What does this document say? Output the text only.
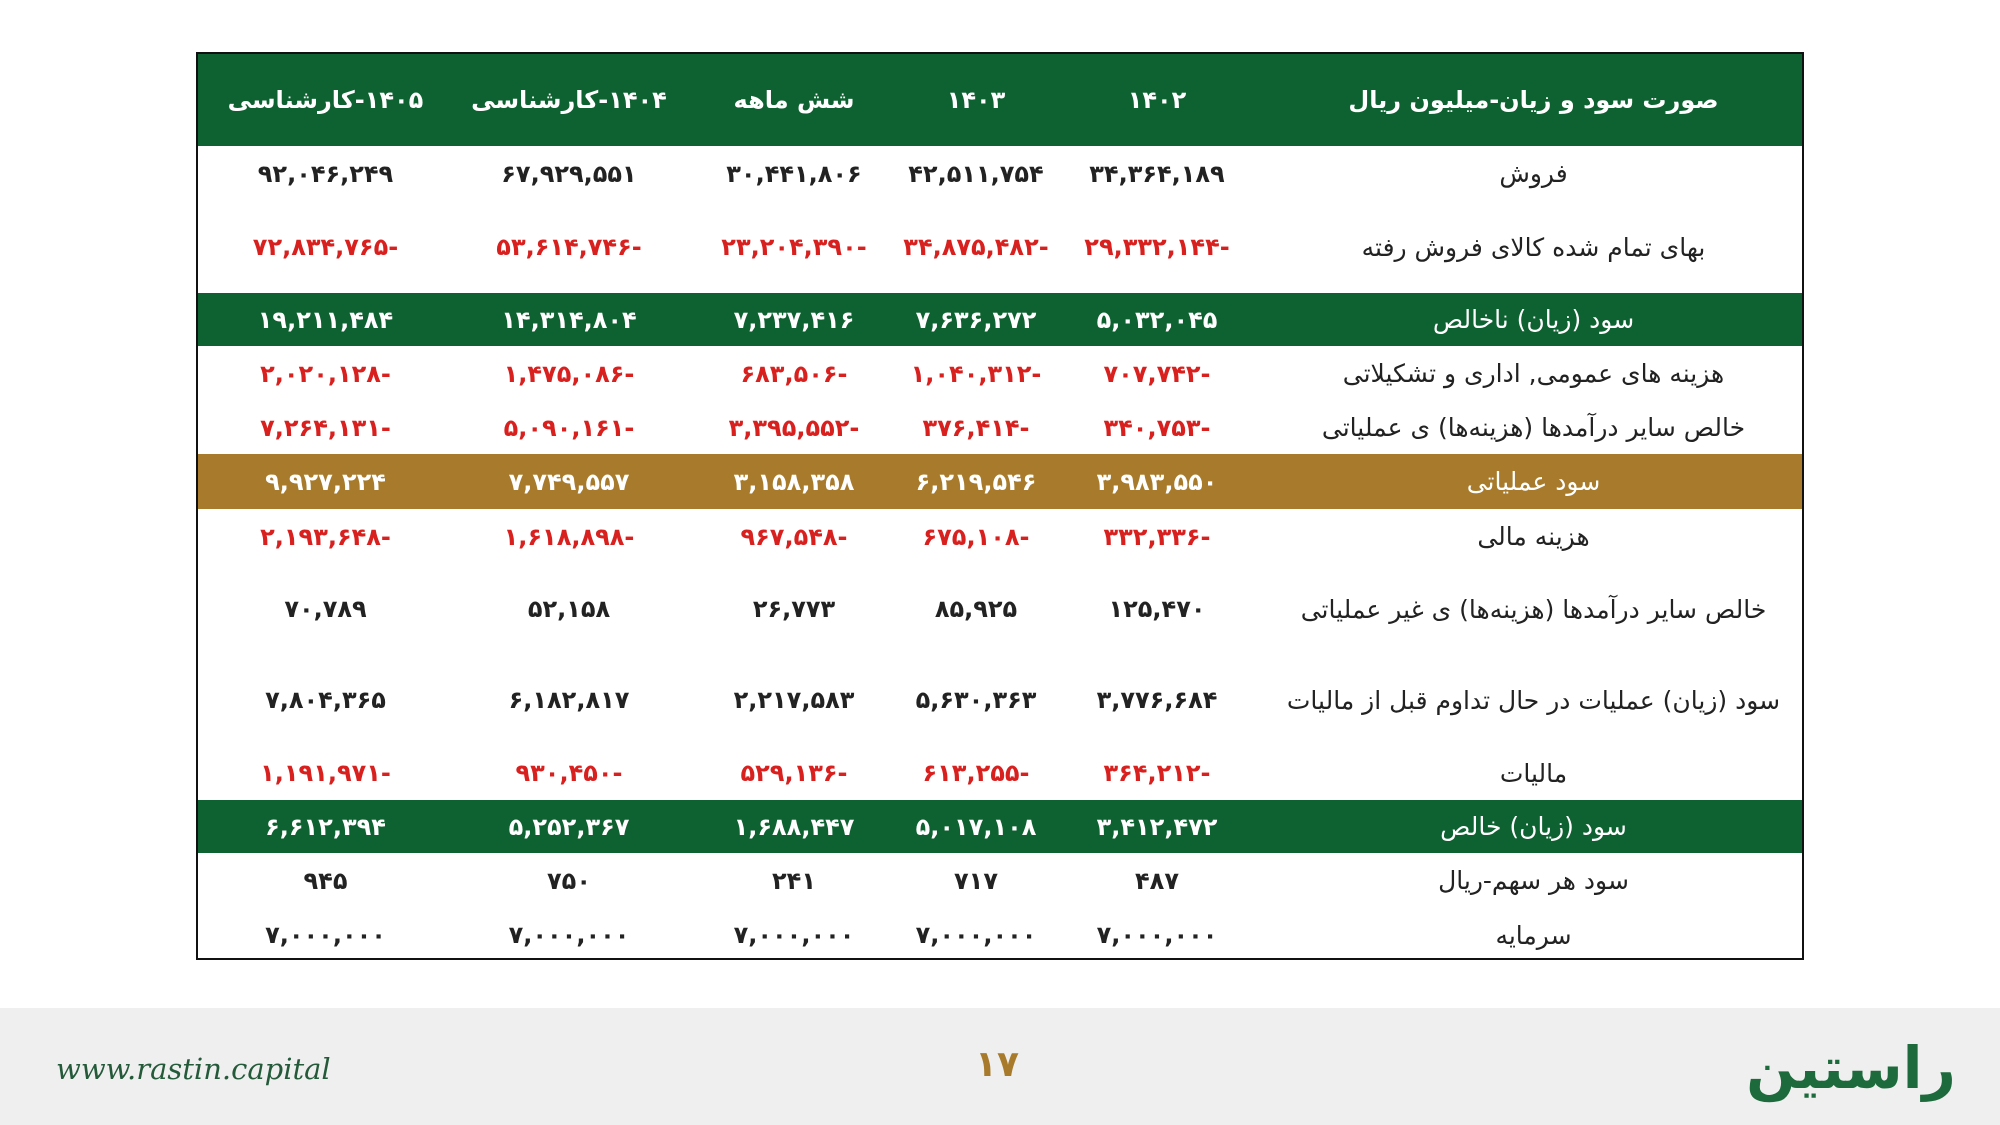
صورت سود و زیان-میلیون ریال	۱۴۰۲	۱۴۰۳	شش ماهه	۱۴۰۴-کارشناسی	۱۴۰۵-کارشناسی
فروش	۳۴,۳۶۴,۱۸۹	۴۲,۵۱۱,۷۵۴	۳۰,۴۴۱,۸۰۶	۶۷,۹۲۹,۵۵۱	۹۲,۰۴۶,۲۴۹
بهای تمام شده کالای فروش رفته	-۲۹,۳۳۲,۱۴۴	-۳۴,۸۷۵,۴۸۲	-۲۳,۲۰۴,۳۹۰	-۵۳,۶۱۴,۷۴۶	-۷۲,۸۳۴,۷۶۵
سود (زیان) ناخالص	۵,۰۳۲,۰۴۵	۷,۶۳۶,۲۷۲	۷,۲۳۷,۴۱۶	۱۴,۳۱۴,۸۰۴	۱۹,۲۱۱,۴۸۴
هزینه های عمومی, اداری و تشکیلاتی	-۷۰۷,۷۴۲	-۱,۰۴۰,۳۱۲	-۶۸۳,۵۰۶	-۱,۴۷۵,۰۸۶	-۲,۰۲۰,۱۲۸
خالص سایر درآمدها (هزینه‌ها) ی عملیاتی	-۳۴۰,۷۵۳	-۳۷۶,۴۱۴	-۳,۳۹۵,۵۵۲	-۵,۰۹۰,۱۶۱	-۷,۲۶۴,۱۳۱
سود عملیاتی	۳,۹۸۳,۵۵۰	۶,۲۱۹,۵۴۶	۳,۱۵۸,۳۵۸	۷,۷۴۹,۵۵۷	۹,۹۲۷,۲۲۴
هزینه مالی	-۳۳۲,۳۳۶	-۶۷۵,۱۰۸	-۹۶۷,۵۴۸	-۱,۶۱۸,۸۹۸	-۲,۱۹۳,۶۴۸
خالص سایر درآمدها (هزینه‌ها) ی غیر عملیاتی	۱۲۵,۴۷۰	۸۵,۹۲۵	۲۶,۷۷۳	۵۲,۱۵۸	۷۰,۷۸۹
سود (زیان) عملیات در حال تداوم قبل از مالیات	۳,۷۷۶,۶۸۴	۵,۶۳۰,۳۶۳	۲,۲۱۷,۵۸۳	۶,۱۸۲,۸۱۷	۷,۸۰۴,۳۶۵
مالیات	-۳۶۴,۲۱۲	-۶۱۳,۲۵۵	-۵۲۹,۱۳۶	-۹۳۰,۴۵۰	-۱,۱۹۱,۹۷۱
سود (زیان) خالص	۳,۴۱۲,۴۷۲	۵,۰۱۷,۱۰۸	۱,۶۸۸,۴۴۷	۵,۲۵۲,۳۶۷	۶,۶۱۲,۳۹۴
سود هر سهم-ریال	۴۸۷	۷۱۷	۲۴۱	۷۵۰	۹۴۵
سرمایه	۷,۰۰۰,۰۰۰	۷,۰۰۰,۰۰۰	۷,۰۰۰,۰۰۰	۷,۰۰۰,۰۰۰	۷,۰۰۰,۰۰۰
www.rastin.capital	۱۷	راستین
